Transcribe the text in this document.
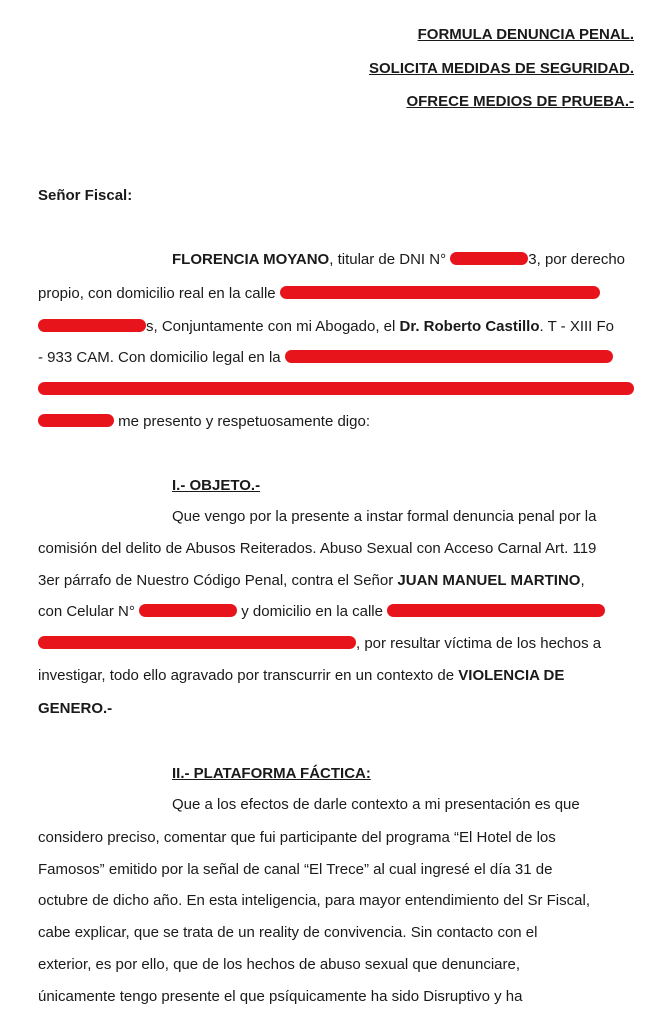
FORMULA DENUNCIA PENAL.
SOLICITA MEDIDAS DE SEGURIDAD.
OFRECE MEDIOS DE PRUEBA.-
Señor Fiscal:
FLORENCIA MOYANO, titular de DNI N°	3, por derecho
propio, con domicilio real en la calle
s, Conjuntamente con mi Abogado, el Dr. Roberto Castillo. T - XIII Fo
- 933 CAM. Con domicilio legal en la
me presento y respetuosamente digo:
I.- OBJETO.-
Que vengo por la presente a instar formal denuncia penal por la
comisión del delito de Abusos Reiterados. Abuso Sexual con Acceso Carnal Art. 119
3er párrafo de Nuestro Código Penal, contra el Señor JUAN MANUEL MARTINO,
con Celular N°	y domicilio en la calle
, por resultar víctima de los hechos a
investigar, todo ello agravado por transcurrir en un contexto de VIOLENCIA DE
GENERO.-
II.- PLATAFORMA FÁCTICA:
Que a los efectos de darle contexto a mi presentación es que
considero preciso, comentar que fui participante del programa “El Hotel de los
Famosos” emitido por la señal de canal “El Trece” al cual ingresé el día 31 de
octubre de dicho año. En esta inteligencia, para mayor entendimiento del Sr Fiscal,
cabe explicar, que se trata de un reality de convivencia. Sin contacto con el
exterior, es por ello, que de los hechos de abuso sexual que denunciare,
únicamente tengo presente el que psíquicamente ha sido Disruptivo y ha
